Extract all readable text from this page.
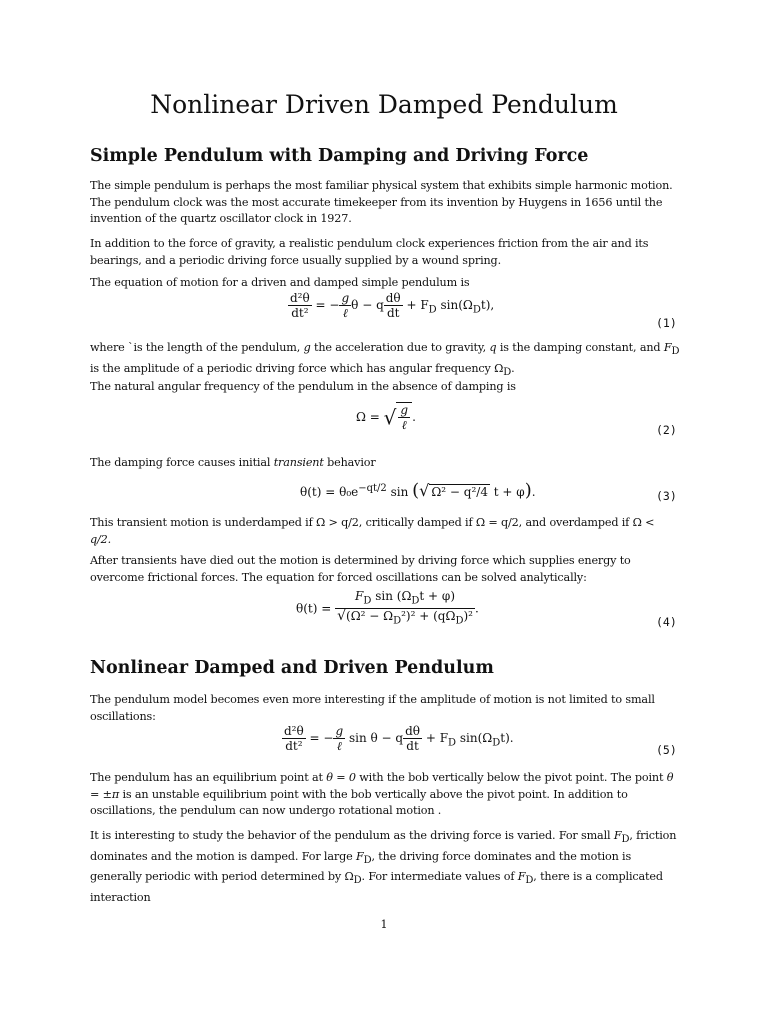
Nonlinear Driven Damped Pendulum
Simple Pendulum with Damping and Driving Force

The simple pendulum is perhaps the most familiar physical system that exhibits simple harmonic motion. The pendulum clock was the most accurate timekeeper from its invention by Huygens in 1656 until the invention of the quartz oscillator clock in 1927.

In addition to the force of gravity, a realistic pendulum clock experiences friction from the air and its bearings, and a periodic driving force usually supplied by a wound spring.

The equation of motion for a driven and damped simple pendulum is

$\frac{\text{d²θ}}{\text{dt²}}$ = − $\frac{g}{\text{ℓ}}$ θ − q $\frac{d\theta}{dt} + F_D$ $\sin(\Omega_Dt)$,
(1)

where `is the length of the pendulum, g the acceleration due to gravity, q is the damping constant, and $F_D$ is the amplitude of a periodic driving force which has angular frequency $\Omega_D$.

The natural angular frequency of the pendulum in the absence of damping is

Ω = √ $\frac{g}{\text{ℓ}}$ .
(2)

The damping force causes initial transient behavior

$\theta(t) = \theta_0e^{-qt/2}$ sin (√ Ω² − q²/4 t + φ).	(3)

This transient motion is underdamped if Ω > q/2, critically damped if Ω = q/2, and overdamped if Ω <
q/2.

After transients have died out the motion is determined by driving force which supplies energy to overcome frictional forces. The equation for forced oscillations can be solved analytically:

$\theta(t) = \frac{F_D \sin (\Omega_Dt + \varphi)}{√(\Omega^2 - \Omega_D^2)^2 + (q\Omega_D)^2}$ .
(4)
Nonlinear Damped and Driven Pendulum

The pendulum model becomes even more interesting if the amplitude of motion is not limited to small oscillations:

$\frac{\text{d²θ}}{\text{dt²}}$ = − $\frac{g}{\text{ℓ}}$ sin θ − q $\frac{d\theta}{dt} + F_D$ $\sin(\Omega_Dt)$.
(5)

The pendulum has an equilibrium point at θ = 0 with the bob vertically below the pivot point. The point θ = ±π is an unstable equilibrium point with the bob vertically above the pivot point. In addition to oscillations, the pendulum can now undergo rotational motion .

It is interesting to study the behavior of the pendulum as the driving force is varied. For small $F_D$, friction dominates and the motion is damped. For large $F_D$, the driving force dominates and the motion is generally periodic with period determined by $\Omega_D$. For intermediate values of $F_D$, there is a complicated interaction

1
